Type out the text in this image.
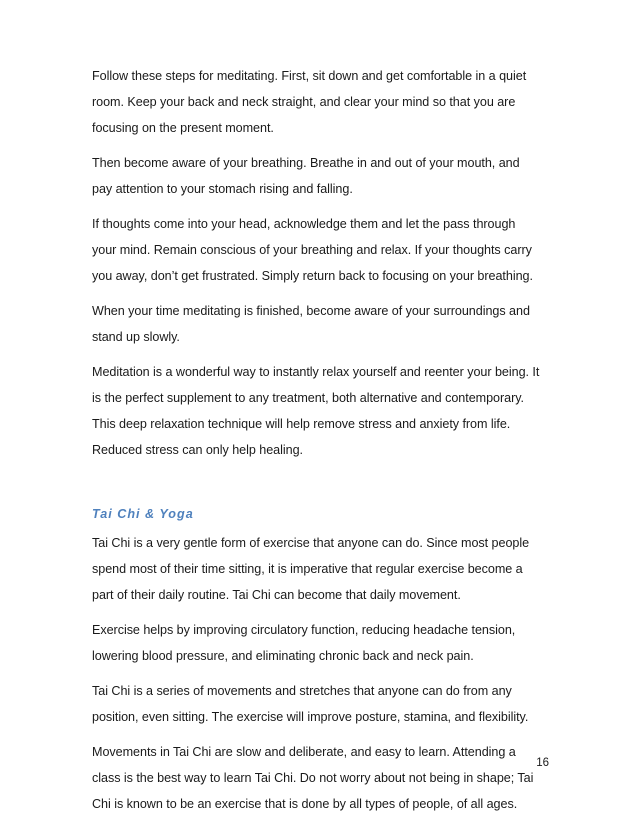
Follow these steps for meditating. First, sit down and get comfortable in a quiet
room. Keep your back and neck straight, and clear your mind so that you are
focusing on the present moment.

Then become aware of your breathing. Breathe in and out of your mouth, and
pay attention to your stomach rising and falling.

If thoughts come into your head, acknowledge them and let the pass through
your mind. Remain conscious of your breathing and relax. If your thoughts carry
you away, don’t get frustrated. Simply return back to focusing on your breathing.

When your time meditating is finished, become aware of your surroundings and
stand up slowly.

Meditation is a wonderful way to instantly relax yourself and reenter your being. It
is the perfect supplement to any treatment, both alternative and contemporary.
This deep relaxation technique will help remove stress and anxiety from life.
Reduced stress can only help healing.

Tai Chi & Yoga

Tai Chi is a very gentle form of exercise that anyone can do. Since most people
spend most of their time sitting, it is imperative that regular exercise become a
part of their daily routine. Tai Chi can become that daily movement.

Exercise helps by improving circulatory function, reducing headache tension,
lowering blood pressure, and eliminating chronic back and neck pain.

Tai Chi is a series of movements and stretches that anyone can do from any
position, even sitting. The exercise will improve posture, stamina, and flexibility.

Movements in Tai Chi are slow and deliberate, and easy to learn. Attending a
class is the best way to learn Tai Chi. Do not worry about not being in shape; Tai
Chi is known to be an exercise that is done by all types of people, of all ages.

16
